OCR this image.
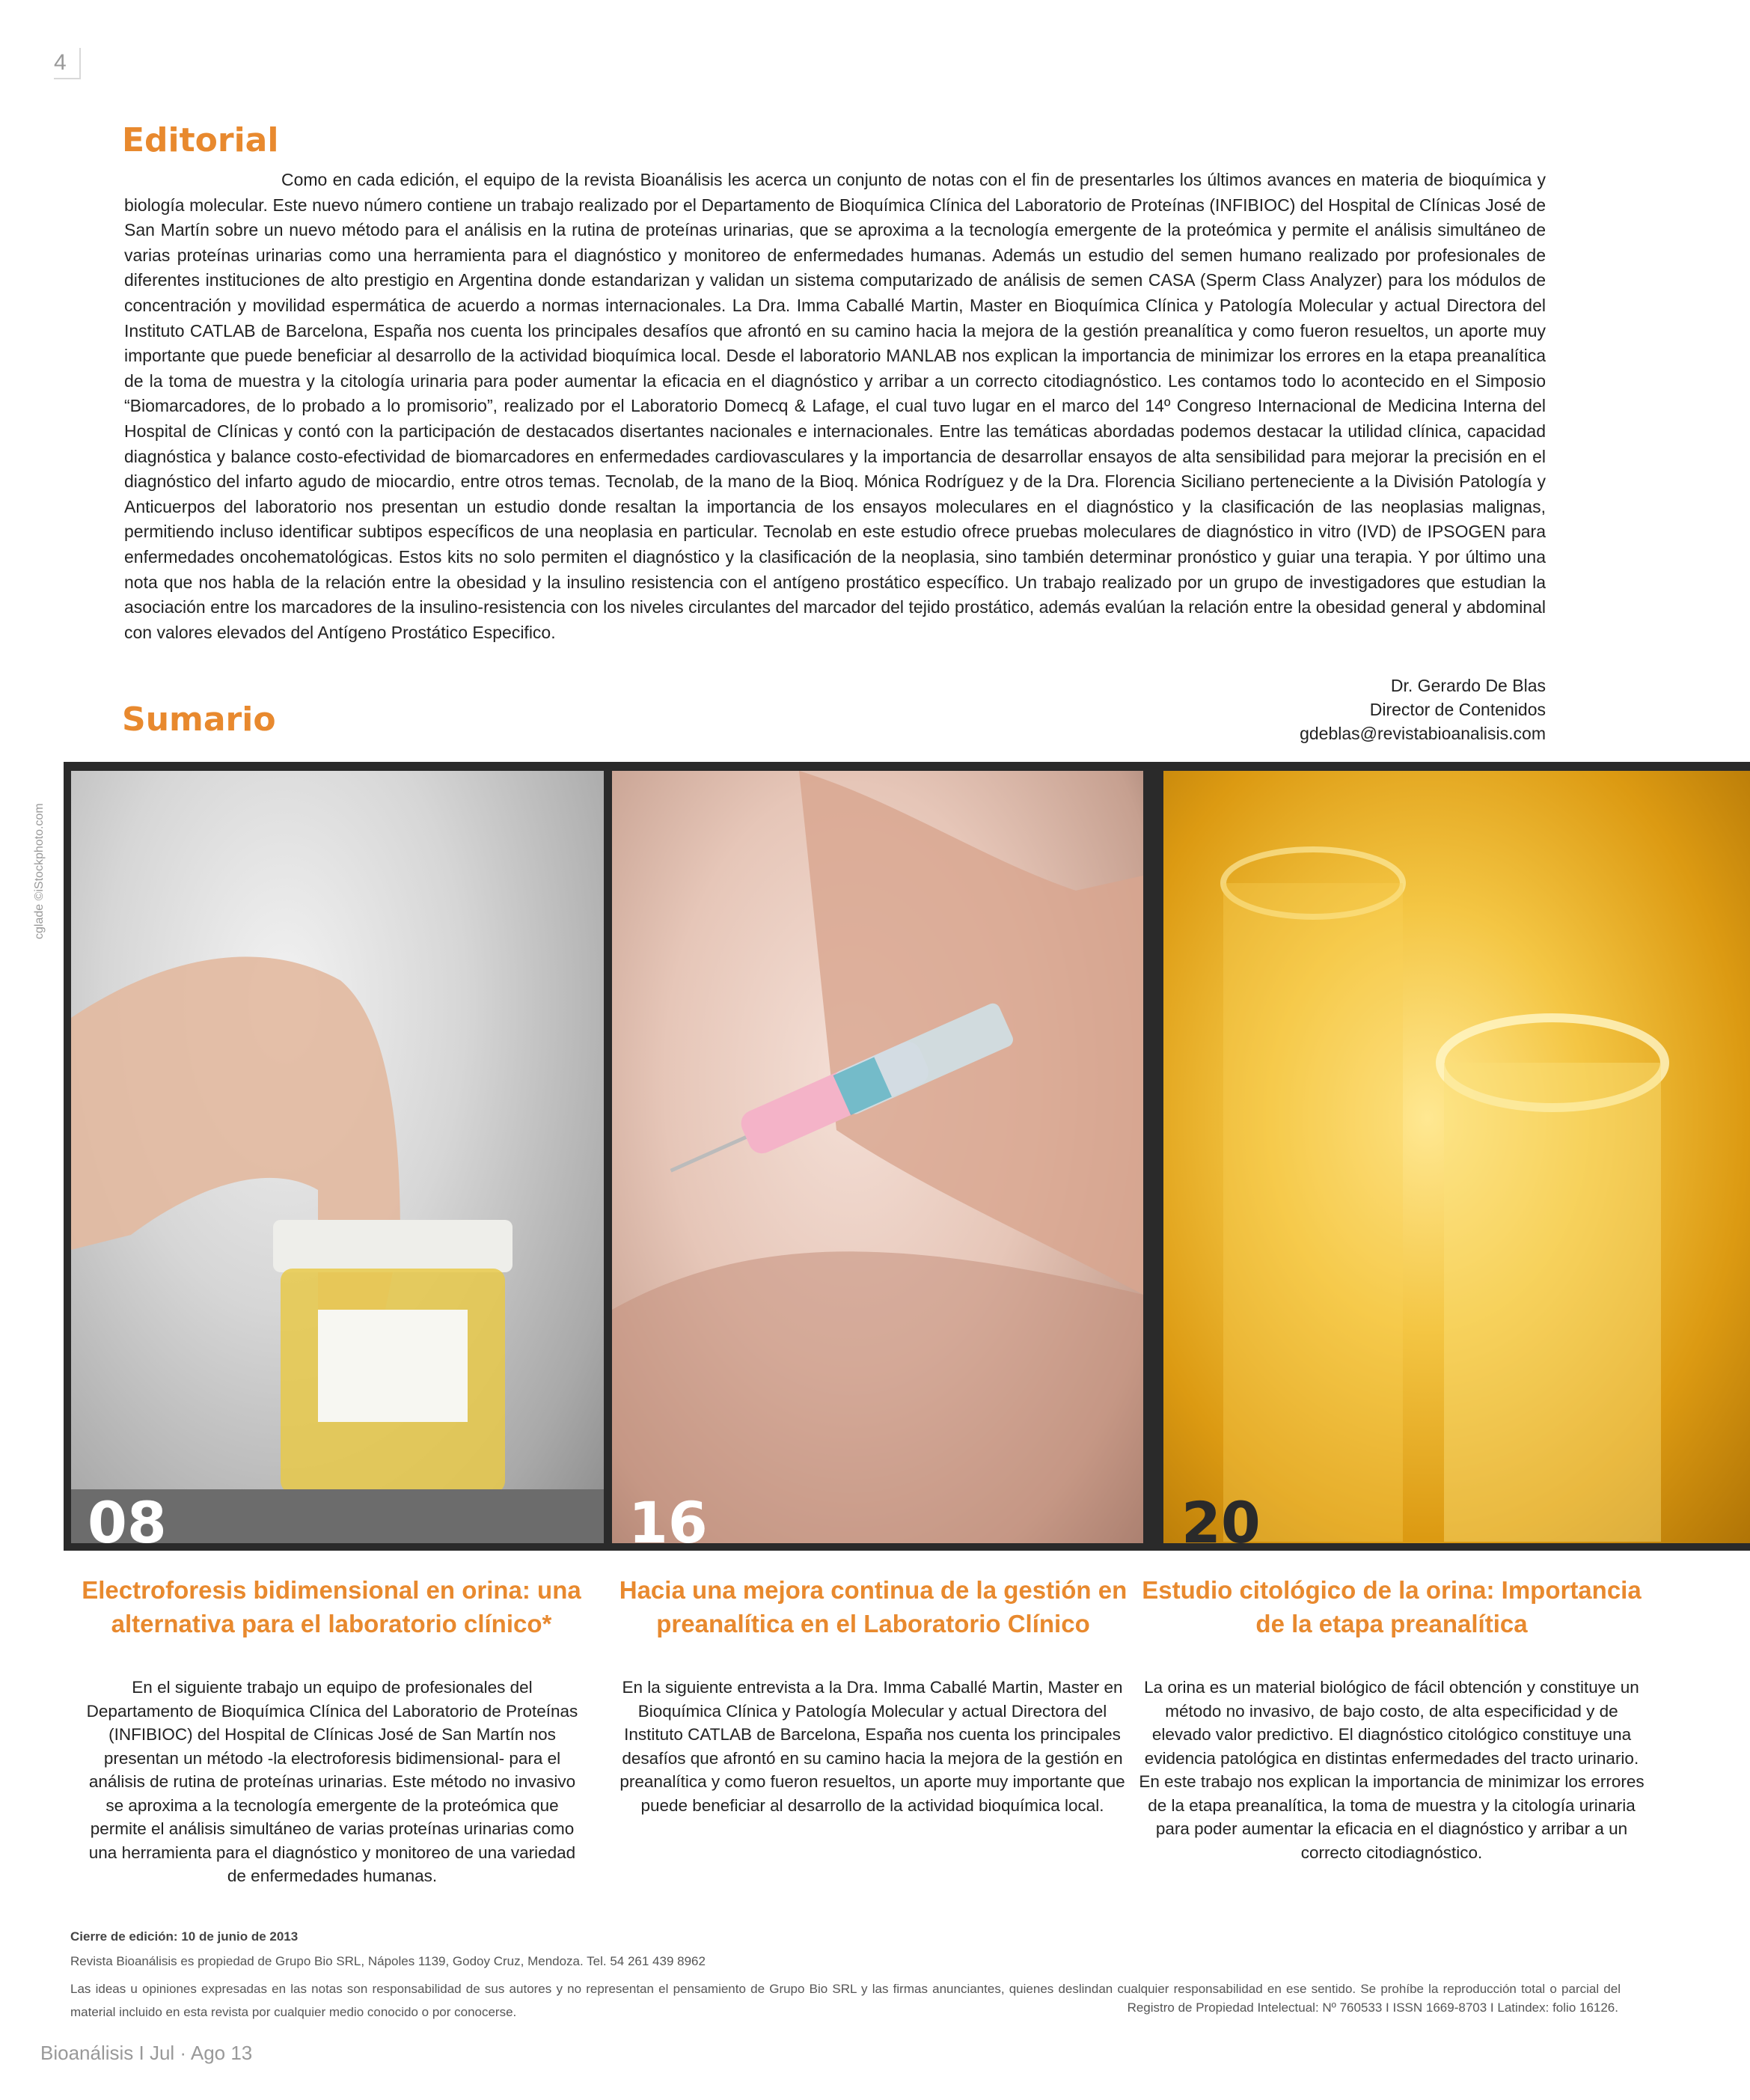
4
Editorial
Como en cada edición, el equipo de la revista Bioanálisis les acerca un conjunto de notas con el fin de presentarles los últimos avances en materia de bioquímica y biología molecular. Este nuevo número contiene un trabajo realizado por el Departamento de Bioquímica Clínica del Laboratorio de Proteínas (INFIBIOC) del Hospital de Clínicas José de San Martín sobre un nuevo método para el análisis en la rutina de proteínas urinarias, que se aproxima a la tecnología emergente de la proteómica y permite el análisis simultáneo de varias proteínas urinarias como una herramienta para el diagnóstico y monitoreo de enfermedades humanas. Además un estudio del semen humano realizado por profesionales de diferentes instituciones de alto prestigio en Argentina donde estandarizan y validan un sistema computarizado de análisis de semen CASA (Sperm Class Analyzer) para los módulos de concentración y movilidad espermática de acuerdo a normas internacionales. La Dra. Imma Caballé Martin, Master en Bioquímica Clínica y Patología Molecular y actual Directora del Instituto CATLAB de Barcelona, España nos cuenta los principales desafíos que afrontó en su camino hacia la mejora de la gestión preanalítica y como fueron resueltos, un aporte muy importante que puede beneficiar al desarrollo de la actividad bioquímica local. Desde el laboratorio MANLAB nos explican la importancia de minimizar los errores en la etapa preanalítica de la toma de muestra y la citología urinaria para poder aumentar la eficacia en el diagnóstico y arribar a un correcto citodiagnóstico. Les contamos todo lo acontecido en el Simposio “Biomarcadores, de lo probado a lo promisorio”, realizado por el Laboratorio Domecq & Lafage, el cual tuvo lugar en el marco del 14º Congreso Internacional de Medicina Interna del Hospital de Clínicas y contó con la participación de destacados disertantes nacionales e internacionales. Entre las temáticas abordadas podemos destacar la utilidad clínica, capacidad diagnóstica y balance costo-efectividad de biomarcadores en enfermedades cardiovasculares y la importancia de desarrollar ensayos de alta sensibilidad para mejorar la precisión en el diagnóstico del infarto agudo de miocardio, entre otros temas. Tecnolab, de la mano de la Bioq. Mónica Rodríguez y de la Dra. Florencia Siciliano perteneciente a la División Patología y Anticuerpos del laboratorio nos presentan un estudio donde resaltan la importancia de los ensayos moleculares en el diagnóstico y la clasificación de las neoplasias malignas, permitiendo incluso identificar subtipos específicos de una neoplasia en particular. Tecnolab en este estudio ofrece pruebas moleculares de diagnóstico in vitro (IVD) de IPSOGEN para enfermedades oncohematológicas. Estos kits no solo permiten el diagnóstico y la clasificación de la neoplasia, sino también determinar pronóstico y guiar una terapia. Y por último una nota que nos habla de la relación entre la obesidad y la insulino resistencia con el antígeno prostático específico. Un trabajo realizado por un grupo de investigadores que estudian la asociación entre los marcadores de la insulino-resistencia con los niveles circulantes del marcador del tejido prostático, además evalúan la relación entre la obesidad general y abdominal con valores elevados del Antígeno Prostático Especifico.
Sumario
Dr. Gerardo De Blas
Director de Contenidos
gdeblas@revistabioanalisis.com
cglade ©iStockphoto.com
08	16	20
Electroforesis bidimensional en orina: una alternativa para el laboratorio clínico*
En el siguiente trabajo un equipo de profesionales del Departamento de Bioquímica Clínica del Laboratorio de Proteínas (INFIBIOC) del Hospital de Clínicas José de San Martín nos presentan un método -la electroforesis bidimensional- para el análisis de rutina de proteínas urinarias. Este método no invasivo se aproxima a la tecnología emergente de la proteómica que permite el análisis simultáneo de varias proteínas urinarias como una herramienta para el diagnóstico y monitoreo de una variedad de enfermedades humanas.
Hacia una mejora continua de la gestión en preanalítica en el Laboratorio Clínico
En la siguiente entrevista a la Dra. Imma Caballé Martin, Master en Bioquímica Clínica y Patología Molecular y actual Directora del Instituto CATLAB de Barcelona, España nos cuenta los principales desafíos que afrontó en su camino hacia la mejora de la gestión en preanalítica y como fueron resueltos, un aporte muy importante que puede beneficiar al desarrollo de la actividad bioquímica local.
Estudio citológico de la orina: Importancia de la etapa preanalítica
La orina es un material biológico de fácil obtención y constituye un método no invasivo, de bajo costo, de alta especificidad y de elevado valor predictivo. El diagnóstico citológico constituye una evidencia patológica en distintas enfermedades del tracto urinario. En este trabajo nos explican la importancia de minimizar los errores de la etapa preanalítica, la toma de muestra y la citología urinaria para poder aumentar la eficacia en el diagnóstico y arribar a un correcto citodiagnóstico.
Cierre de edición: 10 de junio de 2013
Revista Bioanálisis es propiedad de Grupo Bio SRL, Nápoles 1139, Godoy Cruz, Mendoza. Tel. 54 261 439 8962
Las ideas u opiniones expresadas en las notas son responsabilidad de sus autores y no representan el pensamiento de Grupo Bio SRL y las firmas anunciantes, quienes deslindan cualquier responsabilidad en ese sentido. Se prohíbe la reproducción total o parcial del material incluido en esta revista por cualquier medio conocido o por conocerse.	Registro de Propiedad Intelectual: Nº 760533 I ISSN 1669-8703 I Latindex: folio 16126.
Bioanálisis I Jul · Ago 13
